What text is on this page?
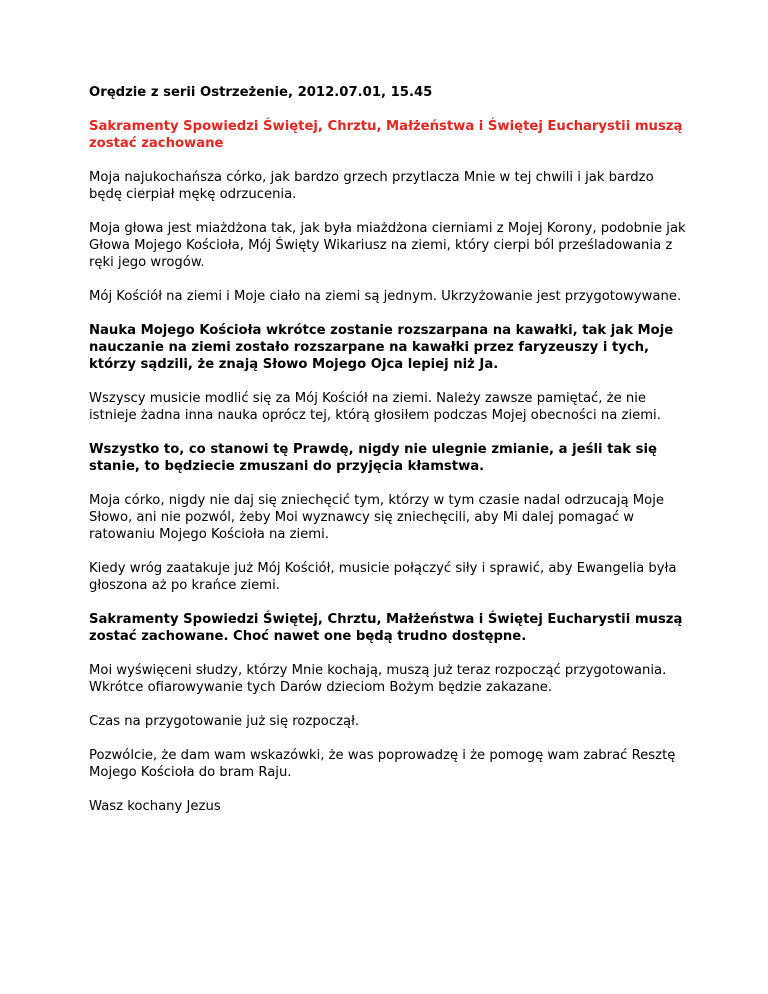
Orędzie z serii Ostrzeżenie, 2012.07.01, 15.45

Sakramenty Spowiedzi Świętej, Chrztu, Małżeństwa i Świętej Eucharystii muszą zostać zachowane

Moja najukochańsza córko, jak bardzo grzech przytlacza Mnie w tej chwili i jak bardzo będę cierpiał mękę odrzucenia.

Moja głowa jest miażdżona tak, jak była miażdżona cierniami z Mojej Korony, podobnie jak Głowa Mojego Kościoła, Mój Święty Wikariusz na ziemi, który cierpi ból prześladowania z ręki jego wrogów.

Mój Kościół na ziemi i Moje ciało na ziemi są jednym. Ukrzyżowanie jest przygotowywane.

Nauka Mojego Kościoła wkrótce zostanie rozszarpana na kawałki, tak jak Moje nauczanie na ziemi zostało rozszarpane na kawałki przez faryzeuszy i tych, którzy sądzili, że znają Słowo Mojego Ojca lepiej niż Ja.

Wszyscy musicie modlić się za Mój Kościół na ziemi. Należy zawsze pamiętać, że nie istnieje żadna inna nauka oprócz tej, którą głosiłem podczas Mojej obecności na ziemi.

Wszystko to, co stanowi tę Prawdę, nigdy nie ulegnie zmianie, a jeśli tak się stanie, to będziecie zmuszani do przyjęcia kłamstwa.

Moja córko, nigdy nie daj się zniechęcić tym, którzy w tym czasie nadal odrzucają Moje Słowo, ani nie pozwól, żeby Moi wyznawcy się zniechęcili, aby Mi dalej pomagać w ratowaniu Mojego Kościoła na ziemi.

Kiedy wróg zaatakuje już Mój Kościół, musicie połączyć siły i sprawić, aby Ewangelia była głoszona aż po krańce ziemi.

Sakramenty Spowiedzi Świętej, Chrztu, Małżeństwa i Świętej Eucharystii muszą zostać zachowane. Choć nawet one będą trudno dostępne.

Moi wyświęceni słudzy, którzy Mnie kochają, muszą już teraz rozpocząć przygotowania. Wkrótce ofiarowywanie tych Darów dzieciom Bożym będzie zakazane.

Czas na przygotowanie już się rozpoczął.

Pozwólcie, że dam wam wskazówki, że was poprowadzę i że pomogę wam zabrać Resztę Mojego Kościoła do bram Raju.

Wasz kochany Jezus
